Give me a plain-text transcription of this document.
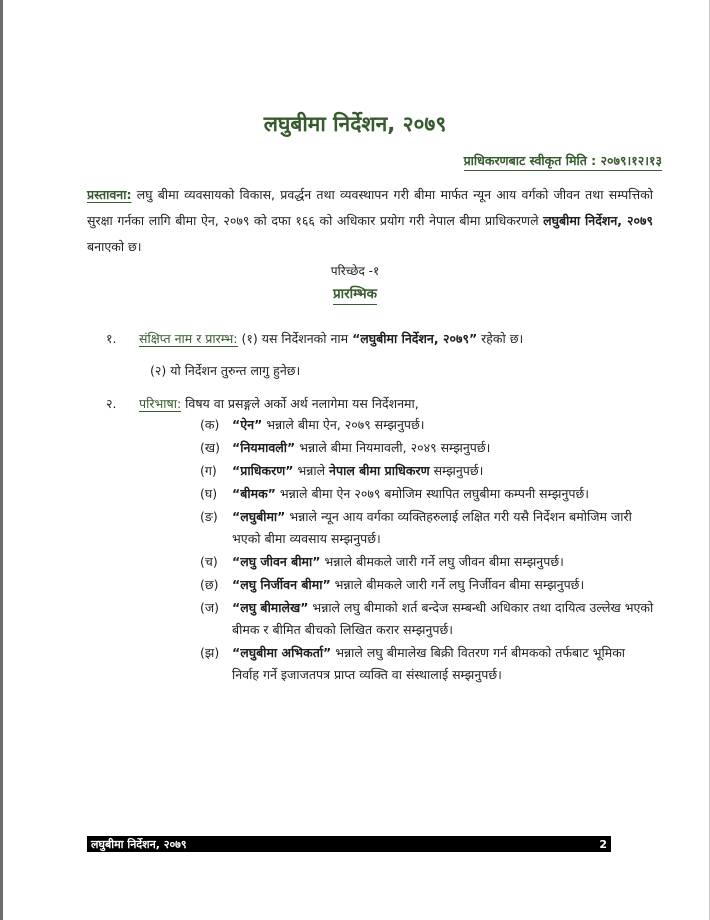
लघुबीमा निर्देशन, २०७९
प्राधिकरणबाट स्वीकृत मिति : २०७९।१२।१३
प्रस्तावना: लघु बीमा व्यवसायको विकास, प्रवर्द्धन तथा व्यवस्थापन गरी बीमा मार्फत न्यून आय वर्गको जीवन तथा सम्पत्तिको सुरक्षा गर्नका लागि बीमा ऐन, २०७९ को दफा १६६ को अधिकार प्रयोग गरी नेपाल बीमा प्राधिकरणले लघुबीमा निर्देशन, २०७९ बनाएको छ।
परिच्छेद -१
प्रारम्भिक
१. संक्षिप्त नाम र प्रारम्भ: (१) यस निर्देशनको नाम “लघुबीमा निर्देशन, २०७९” रहेको छ।
(२) यो निर्देशन तुरुन्त लागु हुनेछ।
२. परिभाषा: विषय वा प्रसङ्गले अर्को अर्थ नलागेमा यस निर्देशनमा,
(क)	“ऐन” भन्नाले बीमा ऐन, २०७९ सम्झनुपर्छ।
(ख) “नियमावली” भन्नाले बीमा नियमावली, २०४९ सम्झनुपर्छ।
(ग)	“प्राधिकरण” भन्नाले नेपाल बीमा प्राधिकरण सम्झनुपर्छ।
(घ)	“बीमक” भन्नाले बीमा ऐन २०७९ बमोजिम स्थापित लघुबीमा कम्पनी सम्झनुपर्छ।
(ङ)	“लघुबीमा” भन्नाले न्यून आय वर्गका व्यक्तिहरुलाई लक्षित गरी यसै निर्देशन बमोजिम जारी भएको बीमा व्यवसाय सम्झनुपर्छ।
(च)	“लघु जीवन बीमा” भन्नाले बीमकले जारी गर्ने लघु जीवन बीमा सम्झनुपर्छ।
(छ)	“लघु निर्जीवन बीमा” भन्नाले बीमकले जारी गर्ने लघु निर्जीवन बीमा सम्झनुपर्छ।
(ज)	“लघु बीमालेख” भन्नाले लघु बीमाको शर्त बन्देज सम्बन्धी अधिकार तथा दायित्व उल्लेख भएको बीमक र बीमित बीचको लिखित करार सम्झनुपर्छ।
(झ)	“लघुबीमा अभिकर्ता” भन्नाले लघु बीमालेख बिक्री वितरण गर्न बीमकको तर्फबाट भूमिका निर्वाह गर्ने इजाजतपत्र प्राप्त व्यक्ति वा संस्थालाई सम्झनुपर्छ।
लघुबीमा निर्देशन, २०७९	2
